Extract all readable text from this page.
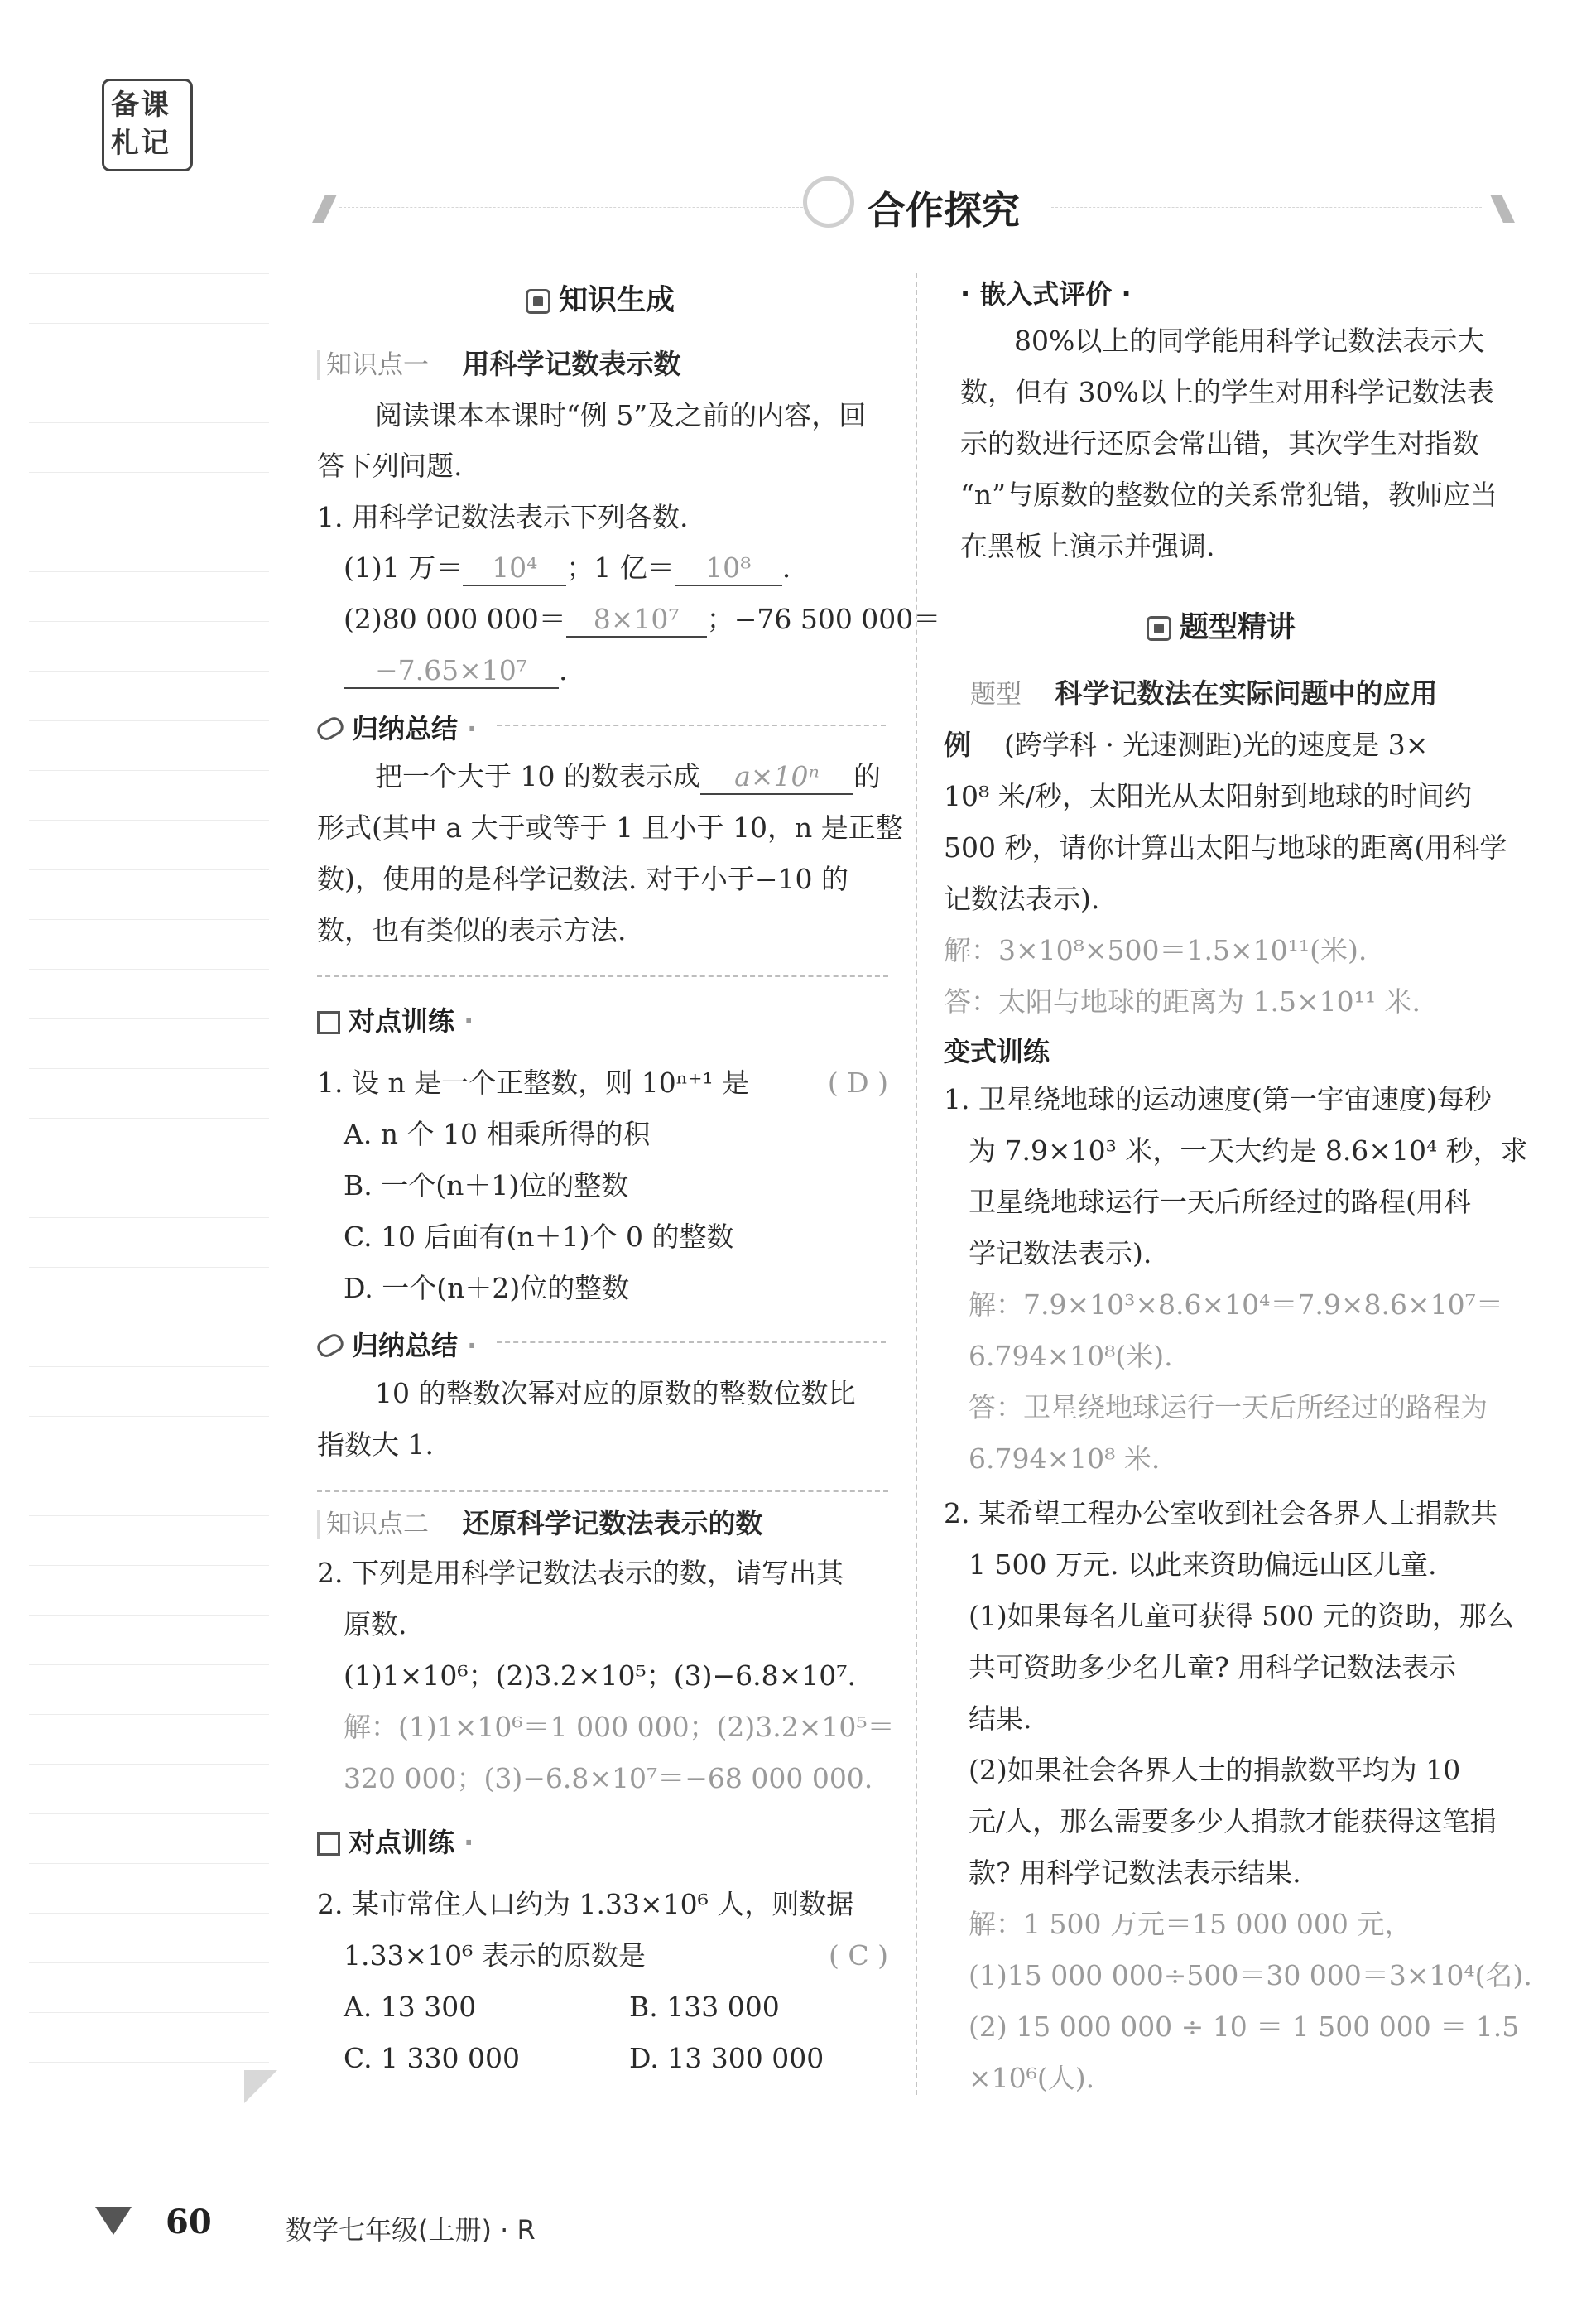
备课
札记
合作探究
知识生成
知识点一 用科学记数表示数
阅读课本本课时“例 5”及之前的内容，回
答下列问题.
1. 用科学记数法表示下列各数.
(1)1 万＝ 10⁴ ；1 亿＝ 10⁸ .
(2)80 000 000＝ 8×10⁷ ；−76 500 000＝
−7.65×10⁷ .
归纳总结 ·
把一个大于 10 的数表示成 a×10ⁿ 的
形式(其中 a 大于或等于 1 且小于 10，n 是正整
数)，使用的是科学记数法. 对于小于−10 的
数，也有类似的表示方法.
对点训练 ·
1. 设 n 是一个正整数，则 10ⁿ⁺¹ 是	( D )
A. n 个 10 相乘所得的积
B. 一个(n＋1)位的整数
C. 10 后面有(n＋1)个 0 的整数
D. 一个(n＋2)位的整数
归纳总结 ·
10 的整数次幂对应的原数的整数位数比
指数大 1.
知识点二 还原科学记数法表示的数
2. 下列是用科学记数法表示的数，请写出其
原数.
(1)1×10⁶；(2)3.2×10⁵；(3)−6.8×10⁷.
解：(1)1×10⁶＝1 000 000；(2)3.2×10⁵＝
320 000；(3)−6.8×10⁷＝−68 000 000.
对点训练 ·
2. 某市常住人口约为 1.33×10⁶ 人，则数据
1.33×10⁶ 表示的原数是	( C )
A. 13 300	B. 133 000
C. 1 330 000	D. 13 300 000
· 嵌入式评价 ·
80%以上的同学能用科学记数法表示大
数，但有 30%以上的学生对用科学记数法表
示的数进行还原会常出错，其次学生对指数
“n”与原数的整数位的关系常犯错，教师应当
在黑板上演示并强调.
题型精讲
题型 科学记数法在实际问题中的应用
例 (跨学科 · 光速测距)光的速度是 3×
10⁸ 米/秒，太阳光从太阳射到地球的时间约
500 秒，请你计算出太阳与地球的距离(用科学
记数法表示).
解：3×10⁸×500＝1.5×10¹¹(米).
答：太阳与地球的距离为 1.5×10¹¹ 米.
变式训练
1. 卫星绕地球的运动速度(第一宇宙速度)每秒
为 7.9×10³ 米，一天大约是 8.6×10⁴ 秒，求
卫星绕地球运行一天后所经过的路程(用科
学记数法表示).
解：7.9×10³×8.6×10⁴＝7.9×8.6×10⁷＝
6.794×10⁸(米).
答：卫星绕地球运行一天后所经过的路程为
6.794×10⁸ 米.
2. 某希望工程办公室收到社会各界人士捐款共
1 500 万元. 以此来资助偏远山区儿童.
(1)如果每名儿童可获得 500 元的资助，那么
共可资助多少名儿童? 用科学记数法表示
结果.
(2)如果社会各界人士的捐款数平均为 10
元/人，那么需要多少人捐款才能获得这笔捐
款? 用科学记数法表示结果.
解：1 500 万元＝15 000 000 元，
(1)15 000 000÷500＝30 000＝3×10⁴(名).
(2) 15 000 000 ÷ 10 ＝ 1 500 000 ＝ 1.5
×10⁶(人).
60	数学七年级(上册) · R
